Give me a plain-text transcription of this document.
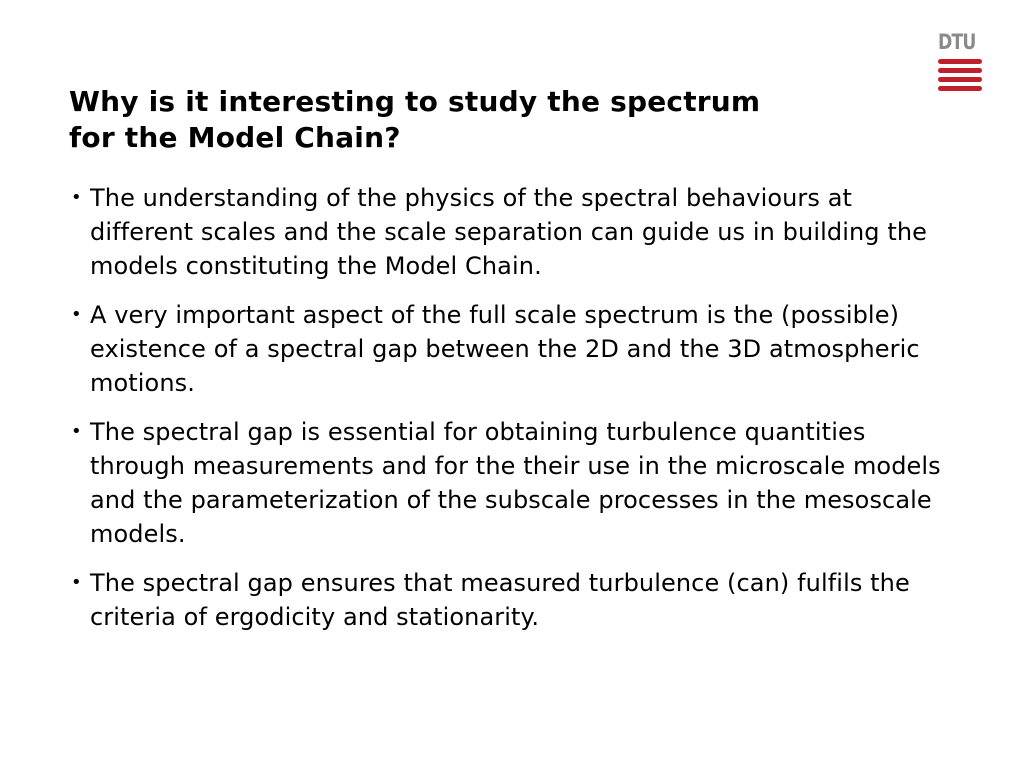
DTU
Why is it interesting to study the spectrum
for the Model Chain?
• The understanding of the physics of the spectral behaviours at different scales and the scale separation can guide us in building the models constituting the Model Chain.
• A very important aspect of the full scale spectrum is the (possible) existence of a spectral gap between the 2D and the 3D atmospheric motions.
• The spectral gap is essential for obtaining turbulence quantities through measurements and for the their use in the microscale models and the parameterization of the subscale processes in the mesoscale models.
• The spectral gap ensures that measured turbulence (can) fulfils the criteria of ergodicity and stationarity.
